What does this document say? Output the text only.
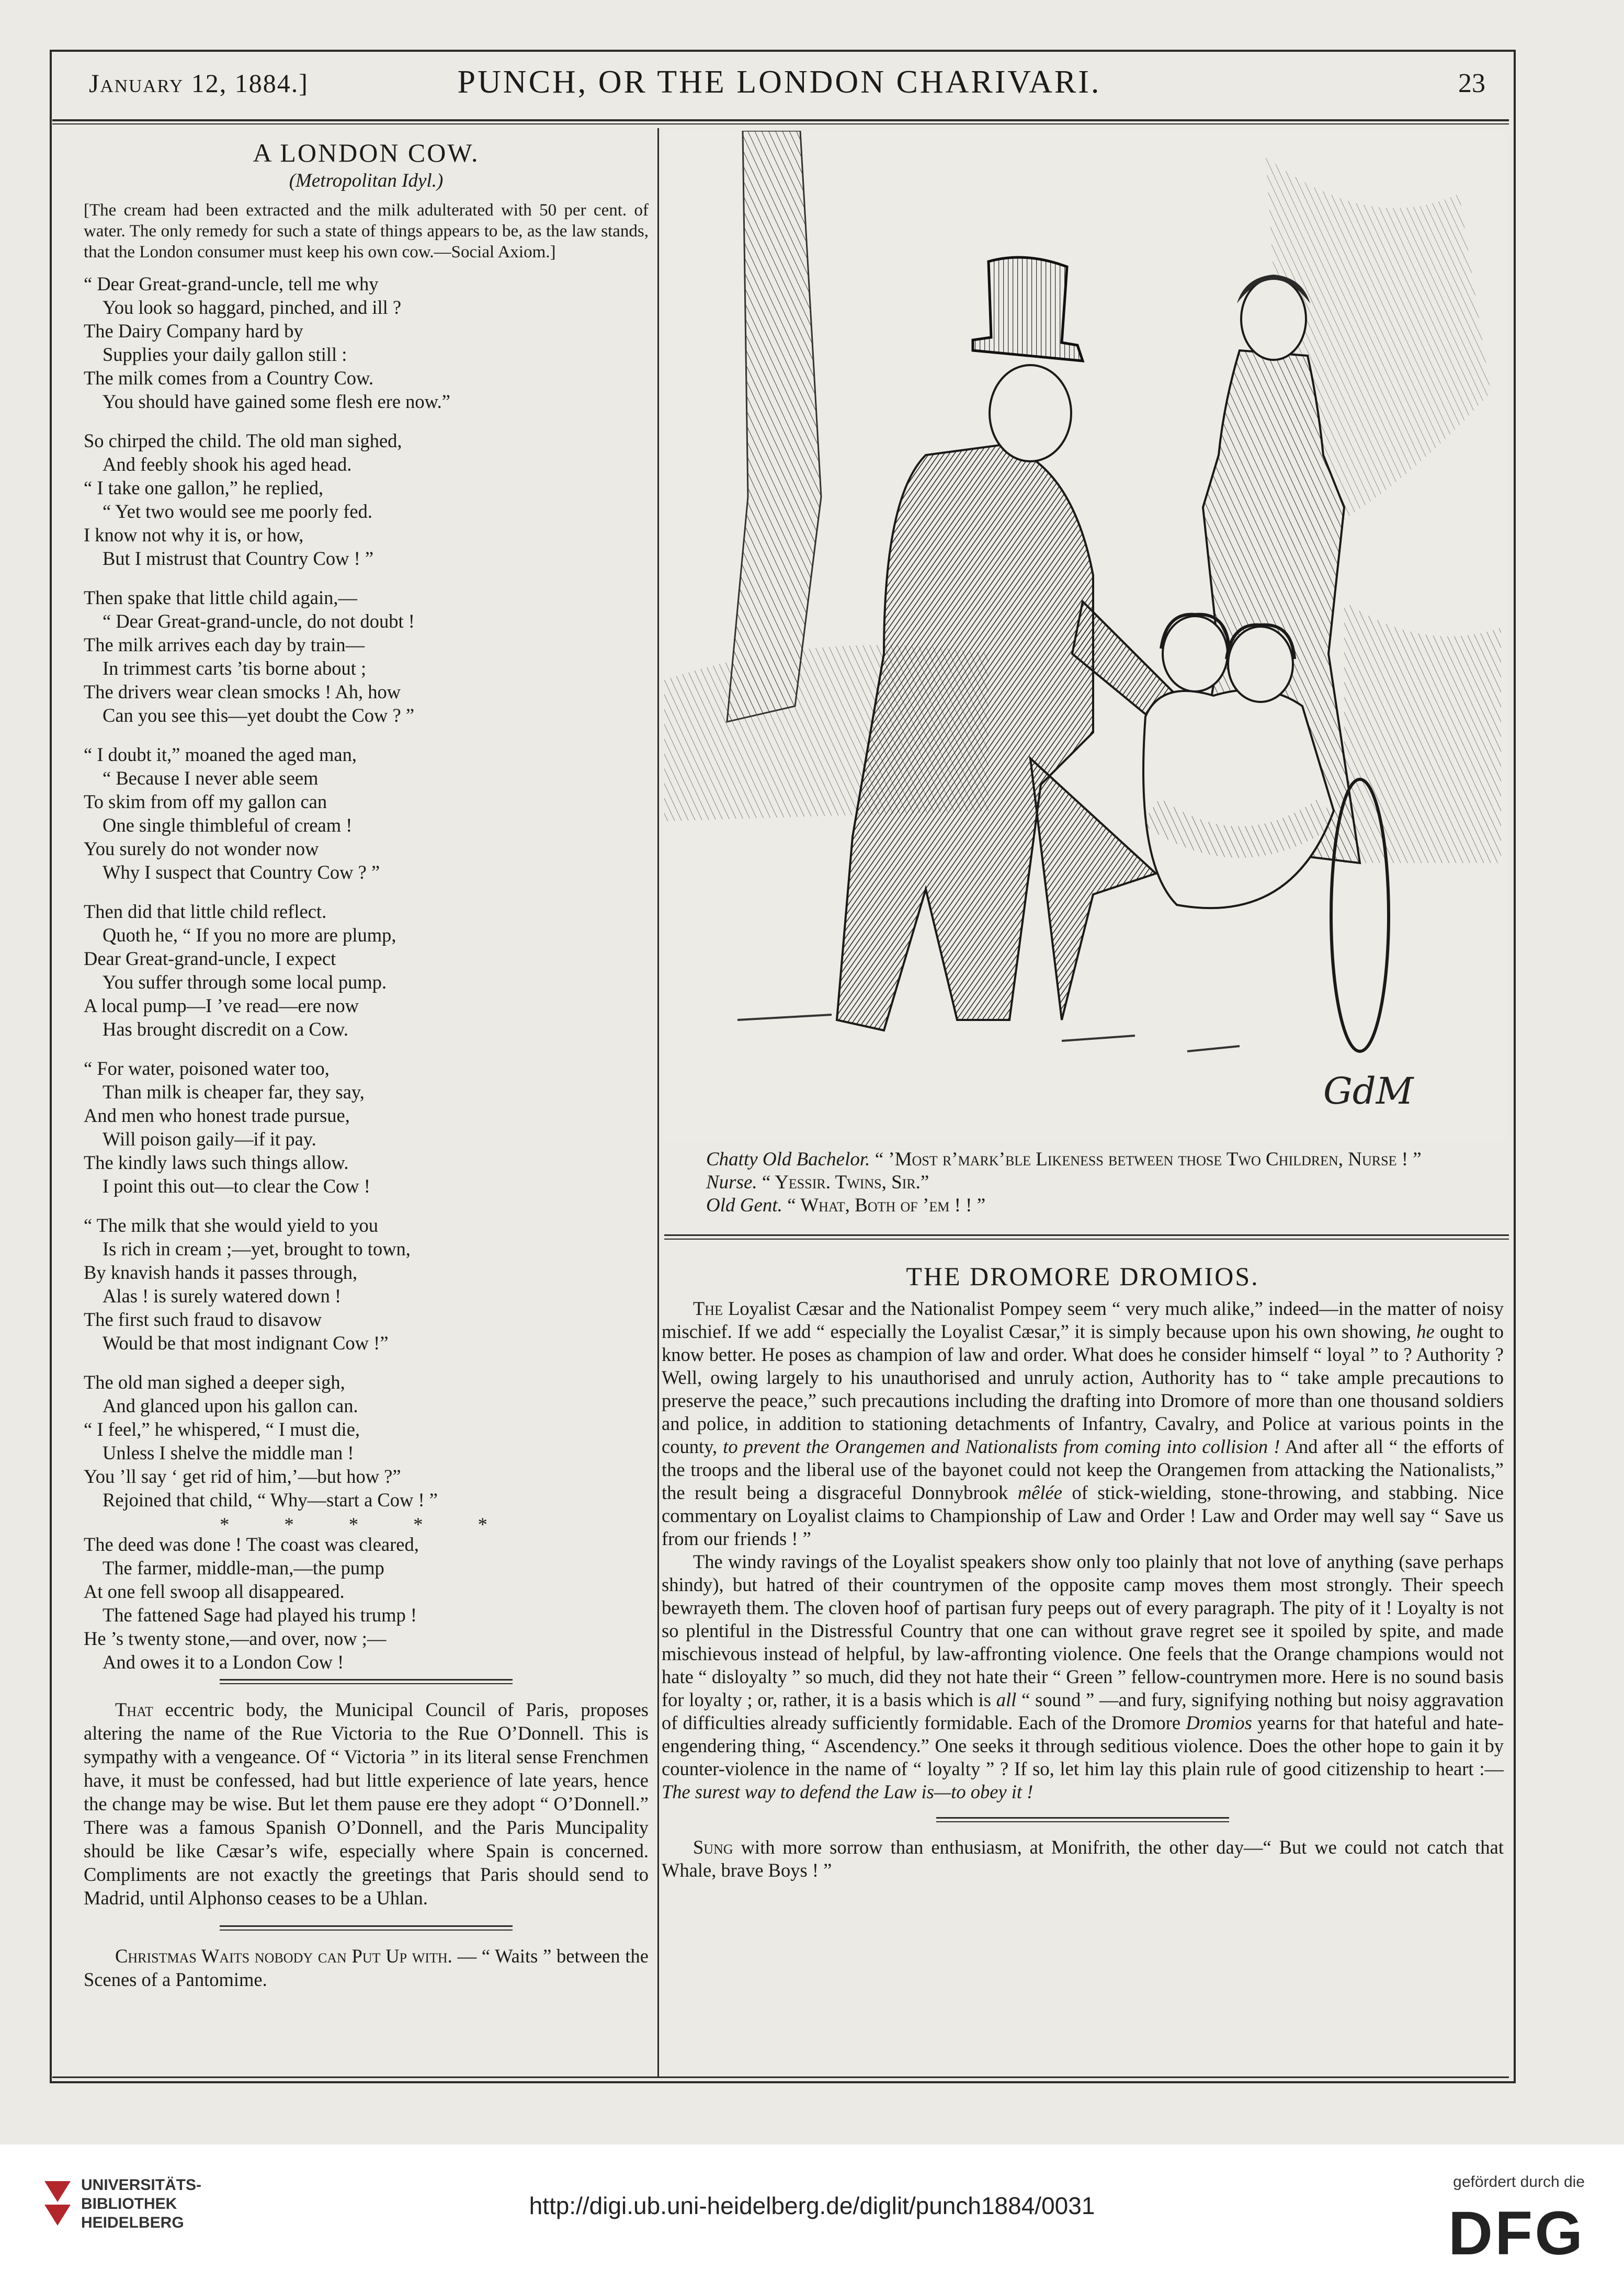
January 12, 1884.]	PUNCH, OR THE LONDON CHARIVARI.	23

A LONDON COW.

(Metropolitan Idyl.)

[The cream had been extracted and the milk adulterated with 50 per cent. of water. The only remedy for such a state of things appears to be, as the law stands, that the London consumer must keep his own cow.—Social Axiom.]

“ Dear Great-grand-uncle, tell me why
You look so haggard, pinched, and ill ?
The Dairy Company hard by
Supplies your daily gallon still :
The milk comes from a Country Cow.
You should have gained some flesh ere now.”
So chirped the child. The old man sighed,
And feebly shook his aged head.
“ I take one gallon,” he replied,
“ Yet two would see me poorly fed.
I know not why it is, or how,
But I mistrust that Country Cow ! ”
Then spake that little child again,—
“ Dear Great-grand-uncle, do not doubt !
The milk arrives each day by train—
In trimmest carts ’tis borne about ;
The drivers wear clean smocks ! Ah, how
Can you see this—yet doubt the Cow ? ”
“ I doubt it,” moaned the aged man,
“ Because I never able seem
To skim from off my gallon can
One single thimbleful of cream !
You surely do not wonder now
Why I suspect that Country Cow ? ”
Then did that little child reflect.
Quoth he, “ If you no more are plump,
Dear Great-grand-uncle, I expect
You suffer through some local pump.
A local pump—I ’ve read—ere now
Has brought discredit on a Cow.
“ For water, poisoned water too,
Than milk is cheaper far, they say,
And men who honest trade pursue,
Will poison gaily—if it pay.
The kindly laws such things allow.
I point this out—to clear the Cow !
“ The milk that she would yield to you
Is rich in cream ;—yet, brought to town,
By knavish hands it passes through,
Alas ! is surely watered down !
The first such fraud to disavow
Would be that most indignant Cow !”
The old man sighed a deeper sigh,
And glanced upon his gallon can.
“ I feel,” he whispered, “ I must die,
Unless I shelve the middle man !
You ’ll say ‘ get rid of him,’—but how ?”
Rejoined that child, “ Why—start a Cow ! ”

* * * * *

The deed was done ! The coast was cleared,
The farmer, middle-man,—the pump
At one fell swoop all disappeared.
The fattened Sage had played his trump !
He ’s twenty stone,—and over, now ;—
And owes it to a London Cow !

That eccentric body, the Municipal Council of Paris, proposes altering the name of the Rue Victoria to the Rue O’Donnell. This is sympathy with a vengeance. Of “ Victoria ” in its literal sense Frenchmen have, it must be confessed, had but little experience of late years, hence the change may be wise. But let them pause ere they adopt “ O’Donnell.” There was a famous Spanish O’Donnell, and the Paris Muncipality should be like Cæsar’s wife, especially where Spain is concerned. Compliments are not exactly the greetings that Paris should send to Madrid, until Alphonso ceases to be a Uhlan.

Christmas Waits nobody can Put Up with. — “ Waits ” between the Scenes of a Pantomime.

GdM

Chatty Old Bachelor. “ ’Most r’mark’ble Likeness between those Two Children, Nurse ! ”

Nurse. “ Yessir. Twins, Sir.”

Old Gent. “ What, Both of ’em ! ! ”

THE DROMORE DROMIOS.

The Loyalist Cæsar and the Nationalist Pompey seem “ very much alike,” indeed—in the matter of noisy mischief. If we add “ especially the Loyalist Cæsar,” it is simply because upon his own showing, he ought to know better. He poses as champion of law and order. What does he consider himself “ loyal ” to ? Authority ? Well, owing largely to his unauthorised and unruly action, Authority has to “ take ample precautions to preserve the peace,” such precautions including the drafting into Dromore of more than one thousand soldiers and police, in addition to stationing detachments of Infantry, Cavalry, and Police at various points in the county, to prevent the Orangemen and Nationalists from coming into collision ! And after all “ the efforts of the troops and the liberal use of the bayonet could not keep the Orangemen from attacking the Nationalists,” the result being a disgraceful Donnybrook mêlée of stick-wielding, stone-throwing, and stabbing. Nice commentary on Loyalist claims to Championship of Law and Order ! Law and Order may well say “ Save us from our friends ! ”

The windy ravings of the Loyalist speakers show only too plainly that not love of anything (save perhaps shindy), but hatred of their countrymen of the opposite camp moves them most strongly. Their speech bewrayeth them. The cloven hoof of partisan fury peeps out of every paragraph. The pity of it ! Loyalty is not so plentiful in the Distressful Country that one can without grave regret see it spoiled by spite, and made mischievous instead of helpful, by law-affronting violence. One feels that the Orange champions would not hate “ disloyalty ” so much, did they not hate their “ Green ” fellow-countrymen more. Here is no sound basis for loyalty ; or, rather, it is a basis which is all “ sound ” —and fury, signifying nothing but noisy aggravation of difficulties already sufficiently formidable. Each of the Dromore Dromios yearns for that hateful and hate-engendering thing, “ Ascendency.” One seeks it through seditious violence. Does the other hope to gain it by counter-violence in the name of “ loyalty ” ? If so, let him lay this plain rule of good citizenship to heart :— The surest way to defend the Law is—to obey it !

Sung with more sorrow than enthusiasm, at Monifrith, the other day—“ But we could not catch that Whale, brave Boys ! ”

UNIVERSITÄTS-
BIBLIOTHEK
HEIDELBERG
http://digi.ub.uni-heidelberg.de/diglit/punch1884/0031
gefördert durch die
DFG
